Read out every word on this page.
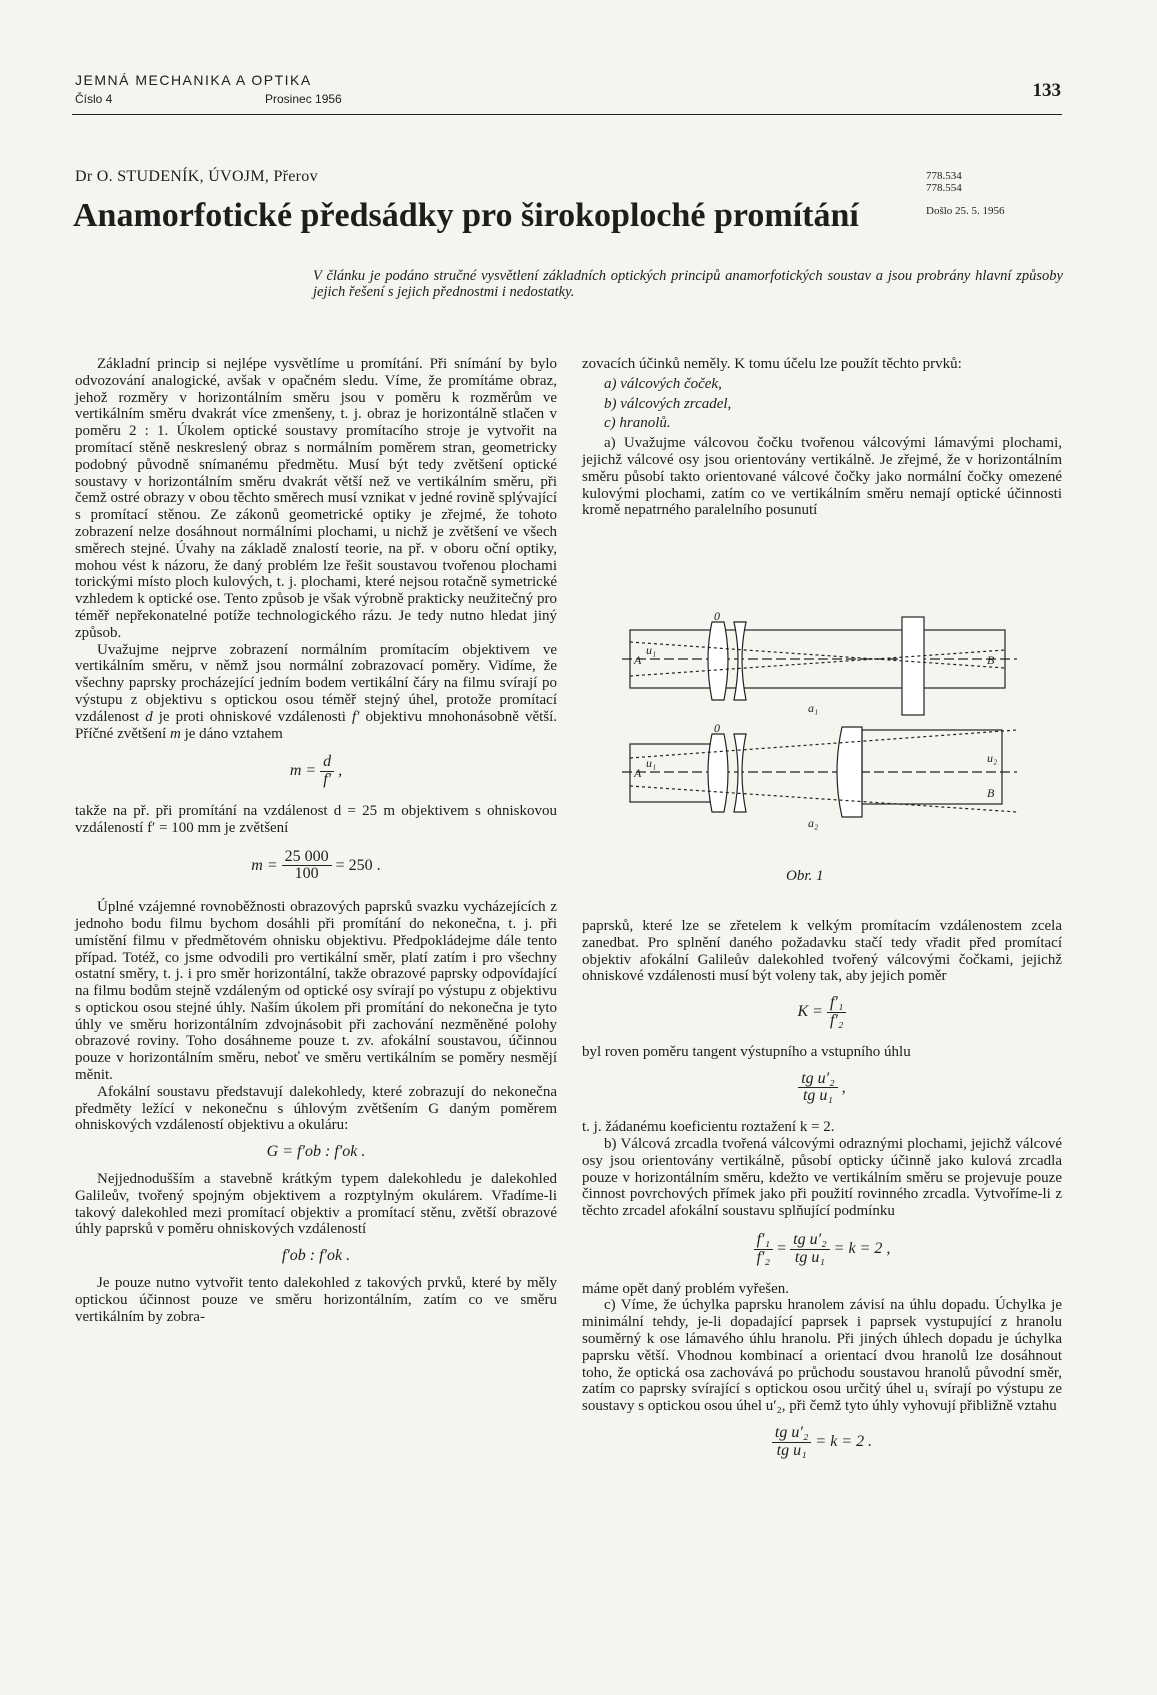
JEMNÁ MECHANIKA A OPTIKA
Číslo 4	Prosinec 1956	133
Dr O. STUDENÍK, ÚVOJM, Přerov
Anamorfotické předsádky pro širokoploché promítání
778.534
778.554
Došlo 25. 5. 1956
V článku je podáno stručné vysvětlení základních optických principů anamorfotických soustav a jsou probrány hlavní způsoby jejich řešení s jejich přednostmi i nedostatky.

Základní princip si nejlépe vysvětlíme u promítání. Při snímání by bylo odvozování analogické, avšak v opačném sledu. Víme, že promítáme obraz, jehož rozměry v horizontálním směru jsou v poměru k rozměrům ve vertikálním směru dvakrát více zmenšeny, t. j. obraz je horizontálně stlačen v poměru 2 : 1. Úkolem optické soustavy promítacího stroje je vytvořit na promítací stěně neskreslený obraz s normálním poměrem stran, geometricky podobný původně snímanému předmětu. Musí být tedy zvětšení optické soustavy v horizontálním směru dvakrát větší než ve vertikálním směru, při čemž ostré obrazy v obou těchto směrech musí vznikat v jedné rovině splývající s promítací stěnou. Ze zákonů geometrické optiky je zřejmé, že tohoto zobrazení nelze dosáhnout normálními plochami, u nichž je zvětšení ve všech směrech stejné. Úvahy na základě znalostí teorie, na př. v oboru oční optiky, mohou vést k názoru, že daný problém lze řešit soustavou tvořenou plochami torickými místo ploch kulových, t. j. plochami, které nejsou rotačně symetrické vzhledem k optické ose. Tento způsob je však výrobně prakticky neužitečný pro téměř nepřekonatelné potíže technologického rázu. Je tedy nutno hledat jiný způsob.

Uvažujme nejprve zobrazení normálním promítacím objektivem ve vertikálním směru, v němž jsou normální zobrazovací poměry. Vidíme, že všechny paprsky procházející jedním bodem vertikální čáry na filmu svírají po výstupu z objektivu s optickou osou téměř stejný úhel, protože promítací vzdálenost d je proti ohniskové vzdálenosti f′ objektivu mnohonásobně větší. Příčné zvětšení m je dáno vztahem

$m = \frac{d}{f'}$ ,

takže na př. při promítání na vzdálenost d = 25 m objektivem s ohniskovou vzdáleností f′ = 100 mm je zvětšení

$m = \frac{25 000}{100} = 250$ .

Úplné vzájemné rovnoběžnosti obrazových paprsků svazku vycházejících z jednoho bodu filmu bychom dosáhli při promítání do nekonečna, t. j. při umístění filmu v předmětovém ohnisku objektivu. Předpokládejme dále tento případ. Totéž, co jsme odvodili pro vertikální směr, platí zatím i pro všechny ostatní směry, t. j. i pro směr horizontální, takže obrazové paprsky odpovídající na filmu bodům stejně vzdáleným od optické osy svírají po výstupu z objektivu s optickou osou stejné úhly. Naším úkolem při promítání do nekonečna je tyto úhly ve směru horizontálním zdvojnásobit při zachování nezměněné polohy obrazové roviny. Toho dosáhneme pouze t. zv. afokální soustavou, účinnou pouze v horizontálním směru, neboť ve směru vertikálním se poměry nesmějí měnit.

Afokální soustavu představují dalekohledy, které zobrazují do nekonečna předměty ležící v nekonečnu s úhlovým zvětšením G daným poměrem ohniskových vzdáleností objektivu a okuláru:

G = f′ob : f′ok .

Nejjednodušším a stavebně krátkým typem dalekohledu je dalekohled Galileův, tvořený spojným objektivem a rozptylným okulárem. Vřadíme-li takový dalekohled mezi promítací objektiv a promítací stěnu, zvětší obrazové úhly paprsků v poměru ohniskových vzdáleností

f′ob : f′ok .

Je pouze nutno vytvořit tento dalekohled z takových prvků, které by měly optickou účinnost pouze ve směru horizontálním, zatím co ve směru vertikálním by zobra-

zovacích účinků neměly. K tomu účelu lze použít těchto prvků:

a) válcových čoček,
b) válcových zrcadel,
c) hranolů.

a) Uvažujme válcovou čočku tvořenou válcovými lámavými plochami, jejichž válcové osy jsou orientovány vertikálně. Je zřejmé, že v horizontálním směru působí takto orientované válcové čočky jako normální čočky omezené kulovými plochami, zatím co ve vertikálním směru nemají optické účinnosti kromě nepatrného paralelního posunutí

A
u₁
0
B
a₁
A
u₁
0
u₂
B
a₂
Obr. 1

paprsků, které lze se zřetelem k velkým promítacím vzdálenostem zcela zanedbat. Pro splnění daného požadavku stačí tedy vřadit před promítací objektiv afokální Galileův dalekohled tvořený válcovými čočkami, jejichž ohniskové vzdálenosti musí být voleny tak, aby jejich poměr

$K = \frac{\text{f′₁}}{\text{f′₂}}$

byl roven poměru tangent výstupního a vstupního úhlu

$\frac{\text{tg u′₂}}{\text{tg u₁}}$ ,

t. j. žádanému koeficientu roztažení k = 2.

b) Válcová zrcadla tvořená válcovými odraznými plochami, jejichž válcové osy jsou orientovány vertikálně, působí opticky účinně jako kulová zrcadla pouze v horizontálním směru, kdežto ve vertikálním směru se projevuje pouze činnost povrchových přímek jako při použití rovinného zrcadla. Vytvoříme-li z těchto zrcadel afokální soustavu splňující podmínku

$\frac{\text{f′₁}}{\text{f′₂}} = \frac{\text{tg u′₂}}{\text{tg u₁}} = k = 2$ ,

máme opět daný problém vyřešen.

c) Víme, že úchylka paprsku hranolem závisí na úhlu dopadu. Úchylka je minimální tehdy, je-li dopadající paprsek i paprsek vystupující z hranolu souměrný k ose lámavého úhlu hranolu. Při jiných úhlech dopadu je úchylka paprsku větší. Vhodnou kombinací a orientací dvou hranolů lze dosáhnout toho, že optická osa zachovává po průchodu soustavou hranolů původní směr, zatím co paprsky svírající s optickou osou určitý úhel u₁ svírají po výstupu ze soustavy s optickou osou úhel u′₂, při čemž tyto úhly vyhovují přibližně vztahu

$\frac{\text{tg u′₂}}{\text{tg u₁}} = k = 2$ .
